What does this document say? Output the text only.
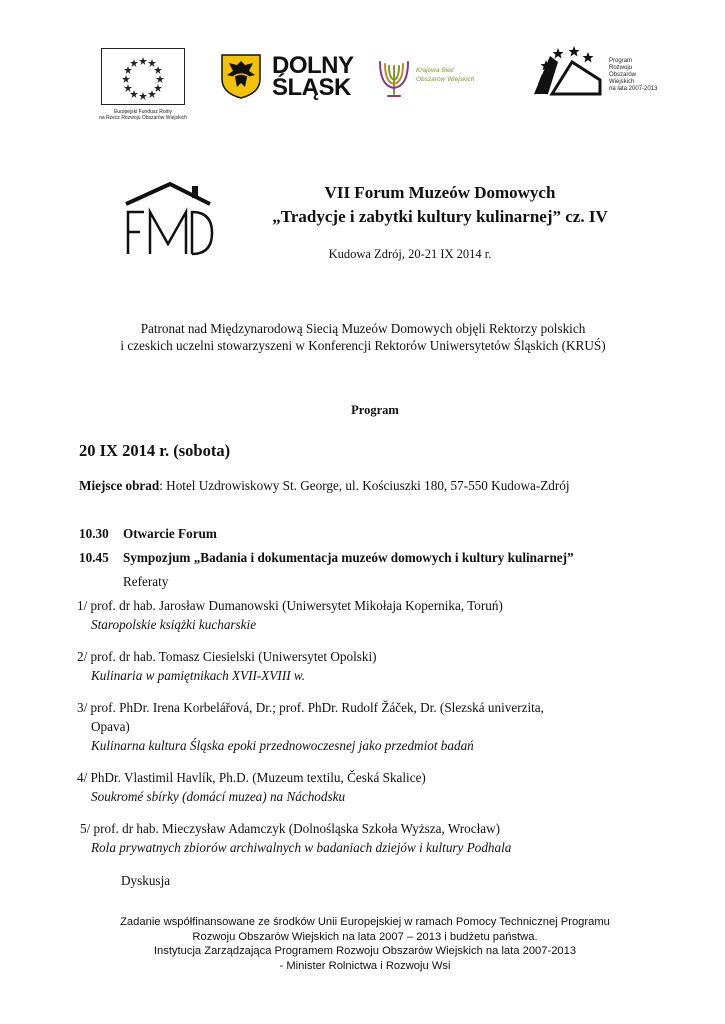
Europejski Fundusz Rolny
na Rzecz Rozwoju Obszarów Wiejskich
DOLNY
ŚLĄSK
Krajowa Sieć
Obszarów Wiejskich
Program
Rozwoju
Obszarów
Wiejskich
na lata 2007-2013
VII Forum Muzeów Domowych
„Tradycje i zabytki kultury kulinarnej” cz. IV
Kudowa Zdrój, 20-21 IX 2014 r.
Patronat nad Międzynarodową Siecią Muzeów Domowych objęli Rektorzy polskich
i czeskich uczelni stowarzyszeni w Konferencji Rektorów Uniwersytetów Śląskich (KRUŚ)
Program
20 IX 2014 r. (sobota)
Miejsce obrad: Hotel Uzdrowiskowy St. George, ul. Kościuszki 180, 57-550 Kudowa-Zdrój
10.30 Otwarcie Forum
10.45 Sympozjum „Badania i dokumentacja muzeów domowych i kultury kulinarnej”
Referaty
1/ prof. dr hab. Jarosław Dumanowski (Uniwersytet Mikołaja Kopernika, Toruń)
Staropolskie książki kucharskie
2/ prof. dr hab. Tomasz Ciesielski (Uniwersytet Opolski)
Kulinaria w pamiętnikach XVII-XVIII w.
3/ prof. PhDr. Irena Korbelářová, Dr.; prof. PhDr. Rudolf Žáček, Dr. (Slezská univerzita,
Opava)
Kulinarna kultura Śląska epoki przednowoczesnej jako przedmiot badań
4/ PhDr. Vlastimil Havlík, Ph.D. (Muzeum textilu, Česká Skalice)
Soukromé sbírky (domácí muzea) na Náchodsku
5/ prof. dr hab. Mieczysław Adamczyk (Dolnośląska Szkoła Wyższa, Wrocław)
Rola prywatnych zbiorów archiwalnych w badaniach dziejów i kultury Podhala
Dyskusja
Zadanie współfinansowane ze środków Unii Europejskiej w ramach Pomocy Technicznej Programu
Rozwoju Obszarów Wiejskich na lata 2007 – 2013 i budżetu państwa.
Instytucja Zarządzająca Programem Rozwoju Obszarów Wiejskich na lata 2007-2013
- Minister Rolnictwa i Rozwoju Wsi
